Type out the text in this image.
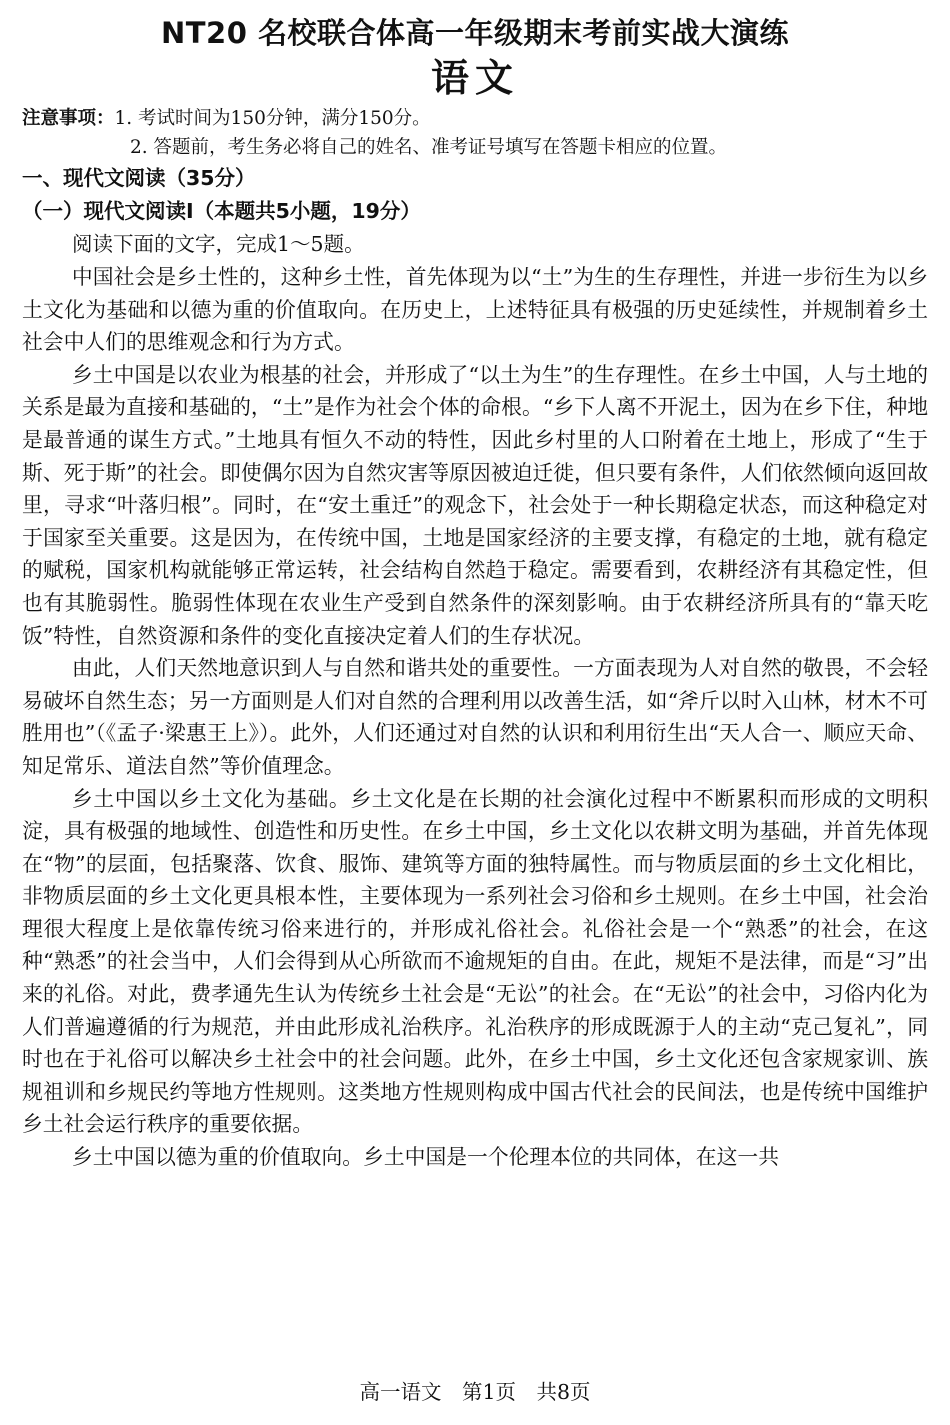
NT20 名校联合体高一年级期末考前实战大演练
语文
注意事项：1. 考试时间为150分钟，满分150分。
2. 答题前，考生务必将自己的姓名、准考证号填写在答题卡相应的位置。
一、现代文阅读（35分）
（一）现代文阅读Ⅰ（本题共5小题，19分）
阅读下面的文字，完成1～5题。

中国社会是乡土性的，这种乡土性，首先体现为以“土”为生的生存理性，并进一步衍生为以乡土文化为基础和以德为重的价值取向。在历史上，上述特征具有极强的历史延续性，并规制着乡土社会中人们的思维观念和行为方式。

乡土中国是以农业为根基的社会，并形成了“以土为生”的生存理性。在乡土中国，人与土地的关系是最为直接和基础的，“土”是作为社会个体的命根。“乡下人离不开泥土，因为在乡下住，种地是最普通的谋生方式。”土地具有恒久不动的特性，因此乡村里的人口附着在土地上，形成了“生于斯、死于斯”的社会。即使偶尔因为自然灾害等原因被迫迁徙，但只要有条件，人们依然倾向返回故里，寻求“叶落归根”。同时，在“安土重迁”的观念下，社会处于一种长期稳定状态，而这种稳定对于国家至关重要。这是因为，在传统中国，土地是国家经济的主要支撑，有稳定的土地，就有稳定的赋税，国家机构就能够正常运转，社会结构自然趋于稳定。需要看到，农耕经济有其稳定性，但也有其脆弱性。脆弱性体现在农业生产受到自然条件的深刻影响。由于农耕经济所具有的“靠天吃饭”特性，自然资源和条件的变化直接决定着人们的生存状况。

由此，人们天然地意识到人与自然和谐共处的重要性。一方面表现为人对自然的敬畏，不会轻易破坏自然生态；另一方面则是人们对自然的合理利用以改善生活，如“斧斤以时入山林，材木不可胜用也”（《孟子·梁惠王上》）。此外，人们还通过对自然的认识和利用衍生出“天人合一、顺应天命、知足常乐、道法自然”等价值理念。

乡土中国以乡土文化为基础。乡土文化是在长期的社会演化过程中不断累积而形成的文明积淀，具有极强的地域性、创造性和历史性。在乡土中国，乡土文化以农耕文明为基础，并首先体现在“物”的层面，包括聚落、饮食、服饰、建筑等方面的独特属性。而与物质层面的乡土文化相比，非物质层面的乡土文化更具根本性，主要体现为一系列社会习俗和乡土规则。在乡土中国，社会治理很大程度上是依靠传统习俗来进行的，并形成礼俗社会。礼俗社会是一个“熟悉”的社会，在这种“熟悉”的社会当中，人们会得到从心所欲而不逾规矩的自由。在此，规矩不是法律，而是“习”出来的礼俗。对此，费孝通先生认为传统乡土社会是“无讼”的社会。在“无讼”的社会中，习俗内化为人们普遍遵循的行为规范，并由此形成礼治秩序。礼治秩序的形成既源于人的主动“克己复礼”，同时也在于礼俗可以解决乡土社会中的社会问题。此外，在乡土中国，乡土文化还包含家规家训、族规祖训和乡规民约等地方性规则。这类地方性规则构成中国古代社会的民间法，也是传统中国维护乡土社会运行秩序的重要依据。

乡土中国以德为重的价值取向。乡土中国是一个伦理本位的共同体，在这一共

高一语文　第1页　共8页
